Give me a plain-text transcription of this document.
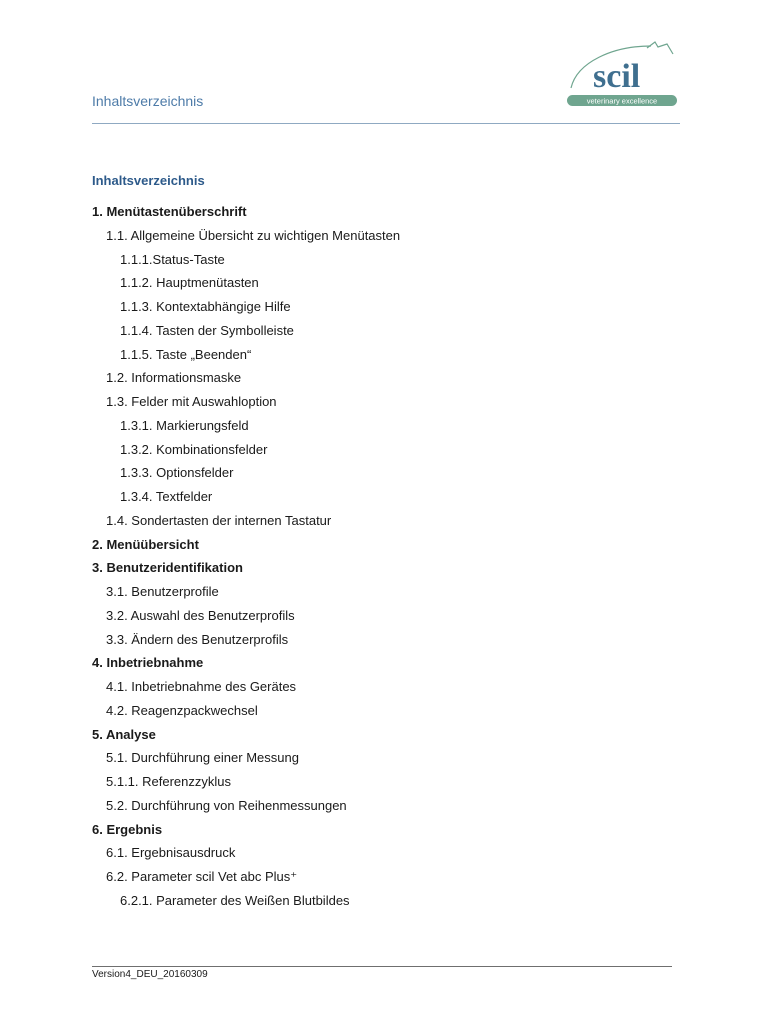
Inhaltsverzeichnis
scil
veterinary excellence
Inhaltsverzeichnis
1. Menütastenüberschrift
1.1. Allgemeine Übersicht zu wichtigen Menütasten
1.1.1.Status-Taste
1.1.2. Hauptmenütasten
1.1.3. Kontextabhängige Hilfe
1.1.4. Tasten der Symbolleiste
1.1.5. Taste „Beenden“
1.2. Informationsmaske
1.3. Felder mit Auswahloption
1.3.1. Markierungsfeld
1.3.2. Kombinationsfelder
1.3.3. Optionsfelder
1.3.4. Textfelder
1.4. Sondertasten der internen Tastatur
2. Menüübersicht
3. Benutzeridentifikation
3.1. Benutzerprofile
3.2. Auswahl des Benutzerprofils
3.3. Ändern des Benutzerprofils
4. Inbetriebnahme
4.1. Inbetriebnahme des Gerätes
4.2. Reagenzpackwechsel
5. Analyse
5.1. Durchführung einer Messung
5.1.1. Referenzzyklus
5.2. Durchführung von Reihenmessungen
6. Ergebnis
6.1. Ergebnisausdruck
6.2. Parameter scil Vet abc Plus⁺
6.2.1. Parameter des Weißen Blutbildes
Version4_DEU_20160309
